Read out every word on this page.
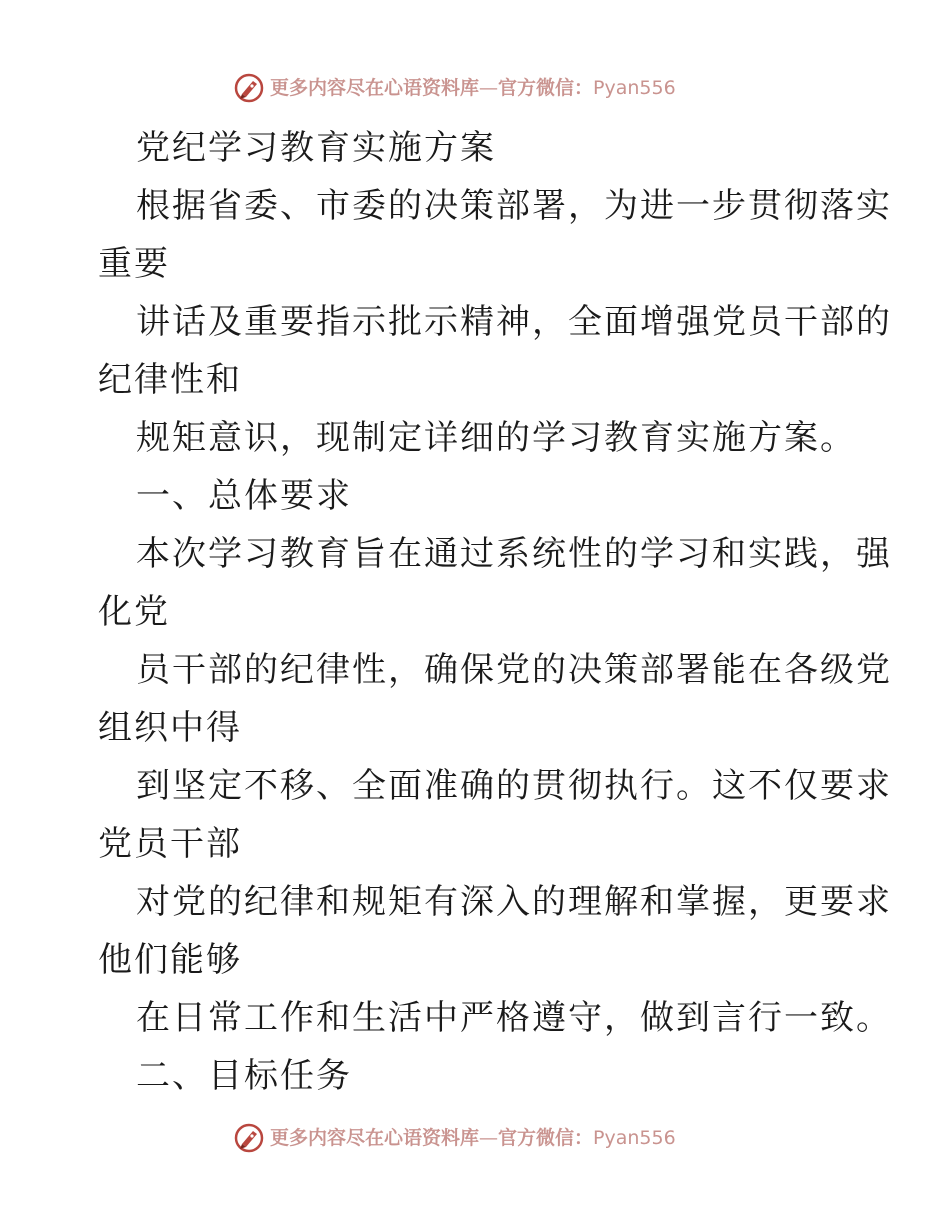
更多内容尽在心语资料库—官方微信：Pyan556
党纪学习教育实施方案
根据省委、市委的决策部署，为进一步贯彻落实
重要
讲话及重要指示批示精神，全面增强党员干部的
纪律性和
规矩意识，现制定详细的学习教育实施方案。
一、总体要求
本次学习教育旨在通过系统性的学习和实践，强
化党
员干部的纪律性，确保党的决策部署能在各级党
组织中得
到坚定不移、全面准确的贯彻执行。这不仅要求
党员干部
对党的纪律和规矩有深入的理解和掌握，更要求
他们能够
在日常工作和生活中严格遵守，做到言行一致。
二、目标任务
更多内容尽在心语资料库—官方微信：Pyan556
